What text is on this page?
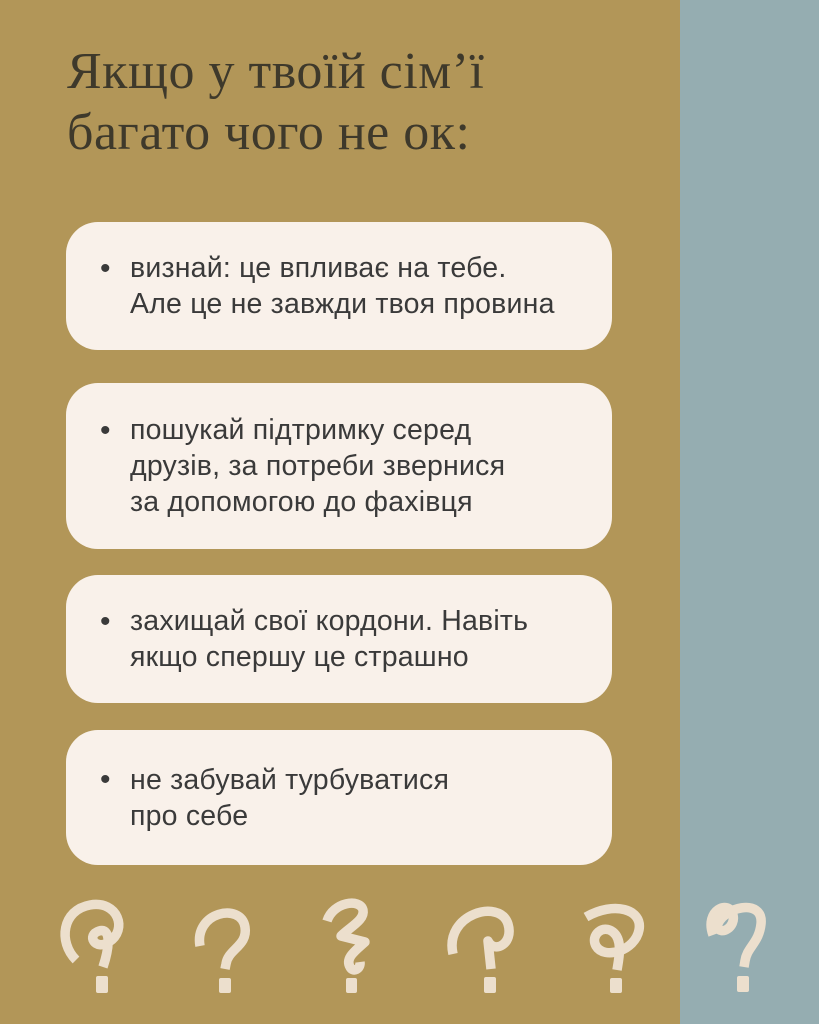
Якщо у твоїй сім’ї
багато чого не ок:
• визнай: це впливає на тебе.
Але це не завжди твоя провина
• пошукай підтримку серед
друзів, за потреби звернися
за допомогою до фахівця
• захищай свої кордони. Навіть
якщо спершу це страшно
• не забувай турбуватися
про себе
